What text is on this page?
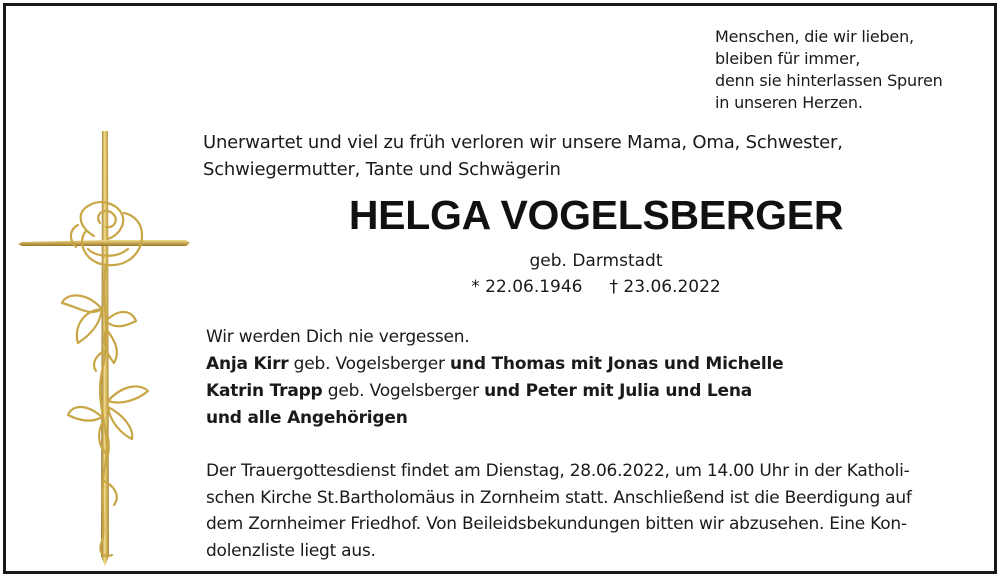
Menschen, die wir lieben,
bleiben für immer,
denn sie hinterlassen Spuren
in unseren Herzen.
Unerwartet und viel zu früh verloren wir unsere Mama, Oma, Schwester,
Schwiegermutter, Tante und Schwägerin
HELGA VOGELSBERGER
geb. Darmstadt
* 22.06.1946     † 23.06.2022
Wir werden Dich nie vergessen.
Anja Kirr geb. Vogelsberger und Thomas mit Jonas und Michelle
Katrin Trapp geb. Vogelsberger und Peter mit Julia und Lena
und alle Angehörigen
Der Trauergottesdienst findet am Dienstag, 28.06.2022, um 14.00 Uhr in der Katholi-
schen Kirche St.Bartholomäus in Zornheim statt. Anschließend ist die Beerdigung auf
dem Zornheimer Friedhof. Von Beileidsbekundungen bitten wir abzusehen. Eine Kon-
dolenzliste liegt aus.
